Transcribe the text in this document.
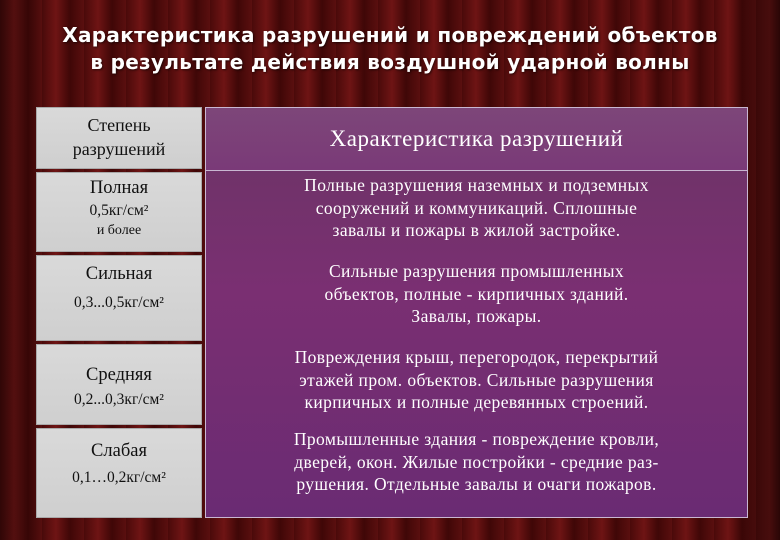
Характеристика разрушений и повреждений объектов
в результате действия воздушной ударной волны
Степень
разрушений
Полная
0,5кг/см²
и более
Сильная
0,3...0,5кг/см²
Средняя
0,2...0,3кг/см²
Слабая
0,1…0,2кг/см²
Характеристика разрушений
Полные разрушения наземных и подземных
сооружений и коммуникаций. Сплошные
завалы и пожары в жилой застройке.
Сильные разрушения промышленных
объектов, полные - кирпичных зданий.
Завалы, пожары.
Повреждения крыш, перегородок, перекрытий
этажей пром. объектов. Сильные разрушения
кирпичных и полные деревянных строений.
Промышленные здания - повреждение кровли,
дверей, окон. Жилые постройки - средние раз-
рушения. Отдельные завалы и очаги пожаров.
